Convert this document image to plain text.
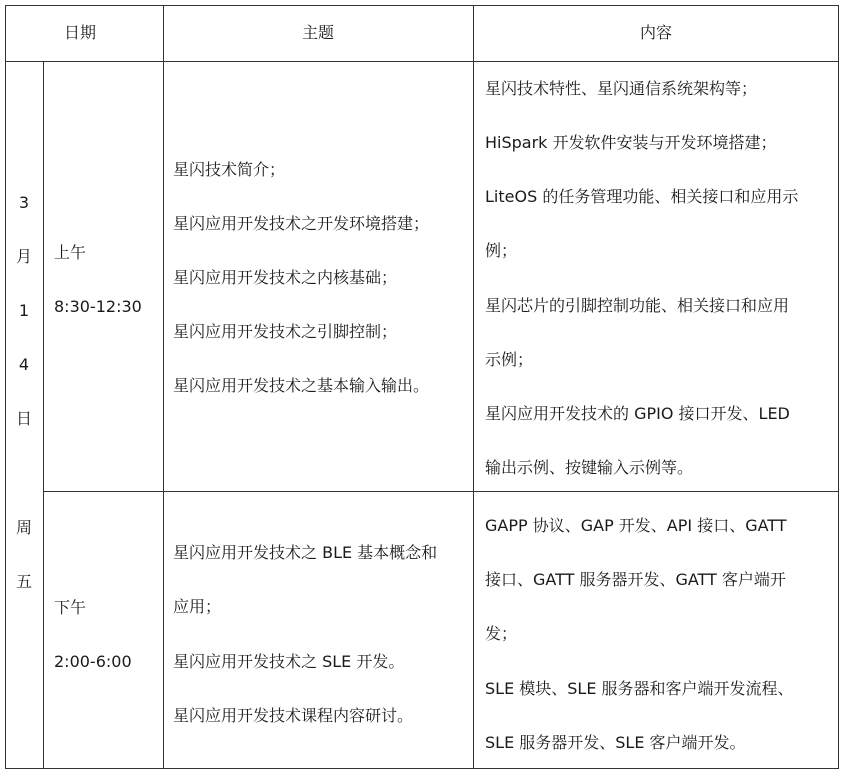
日期	主题	内容
3
月
1
4
日
周
五
上午
8:30-12:30
星闪技术简介；
星闪应用开发技术之开发环境搭建；
星闪应用开发技术之内核基础；
星闪应用开发技术之引脚控制；
星闪应用开发技术之基本输入输出。
星闪技术特性、星闪通信系统架构等；
HiSpark 开发软件安装与开发环境搭建；
LiteOS 的任务管理功能、相关接口和应用示
例；
星闪芯片的引脚控制功能、相关接口和应用
示例；
星闪应用开发技术的 GPIO 接口开发、LED
输出示例、按键输入示例等。
下午
2:00-6:00
星闪应用开发技术之 BLE 基本概念和
应用；
星闪应用开发技术之 SLE 开发。
星闪应用开发技术课程内容研讨。
GAPP 协议、GAP 开发、API 接口、GATT
接口、GATT 服务器开发、GATT 客户端开
发；
SLE 模块、SLE 服务器和客户端开发流程、
SLE 服务器开发、SLE 客户端开发。
